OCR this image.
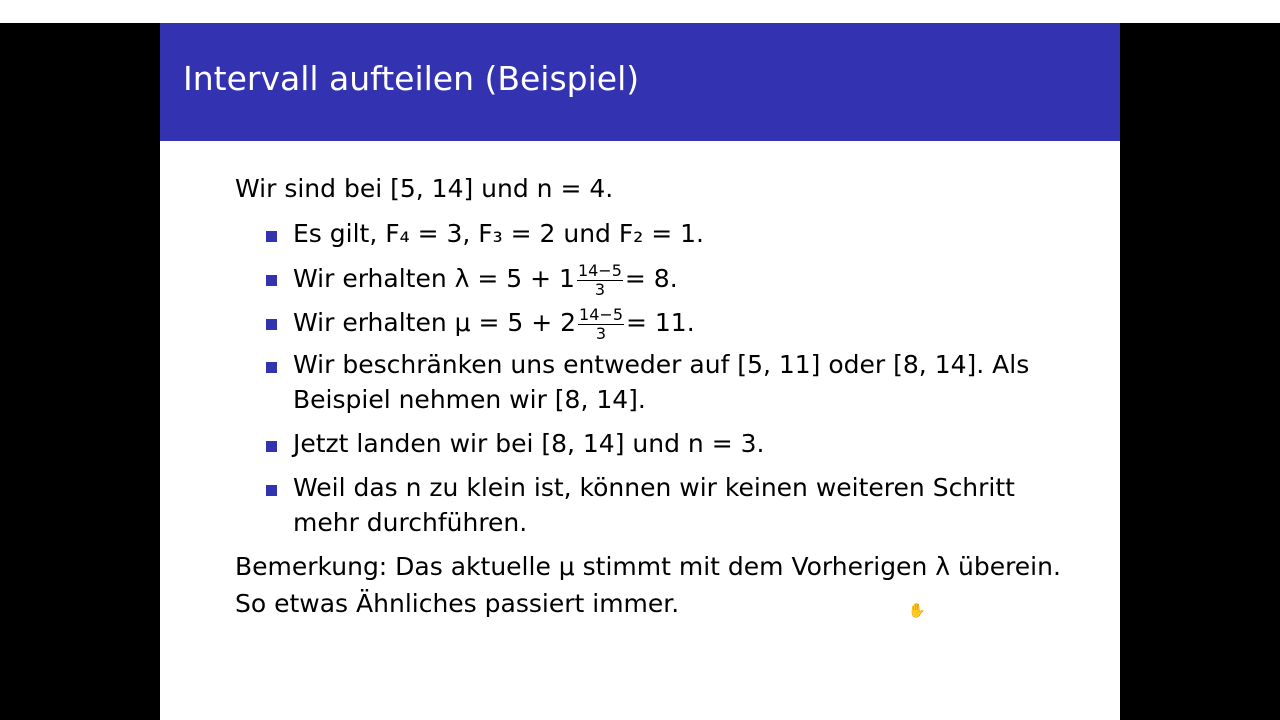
Intervall aufteilen (Beispiel)
Wir sind bei [5, 14] und n = 4.
Es gilt, F₄ = 3, F₃ = 2 und F₂ = 1.
Wir erhalten $\lambda = 5 + 1 \frac{14-5}{3} = 8$.
Wir erhalten $\mu = 5 + 2 \frac{14-5}{3} = 11$.
Wir beschränken uns entweder auf [5, 11] oder [8, 14]. Als
Beispiel nehmen wir [8, 14].
Jetzt landen wir bei [8, 14] und n = 3.
Weil das n zu klein ist, können wir keinen weiteren Schritt
mehr durchführen.
Bemerkung: Das aktuelle μ stimmt mit dem Vorherigen λ überein.
So etwas Ähnliches passiert immer.	✋
